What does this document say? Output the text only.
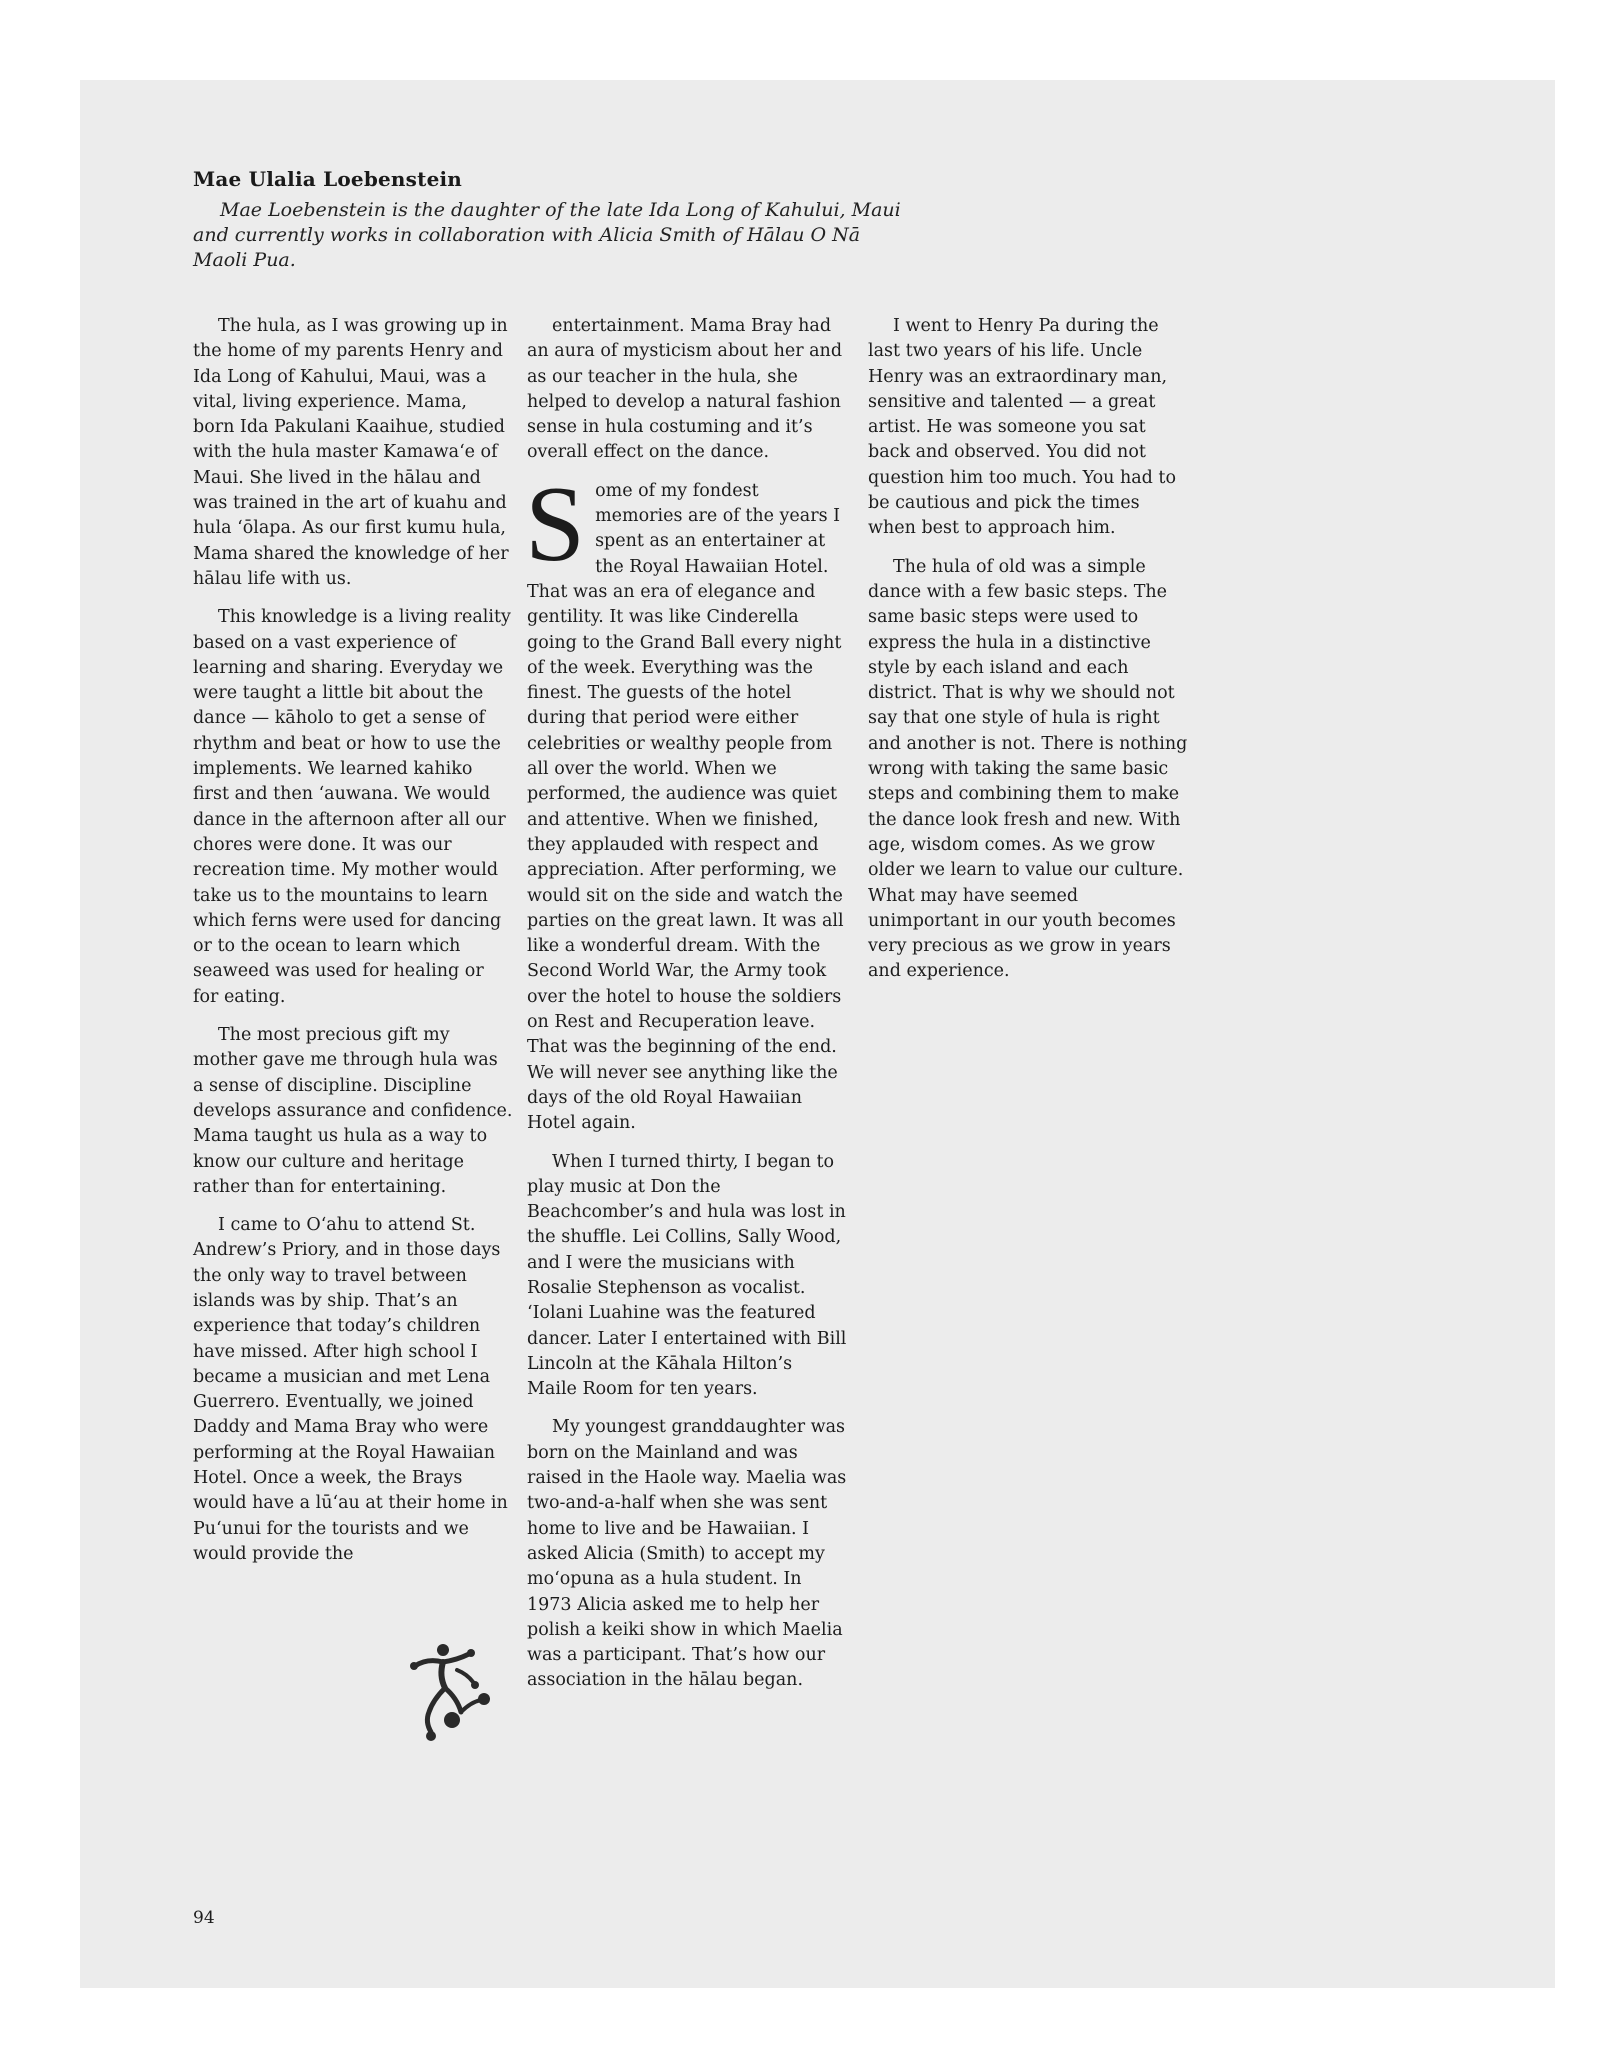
Mae Ulalia Loebenstein

Mae Loebenstein is the daughter of the late Ida Long of Kahului, Maui and currently works in collaboration with Alicia Smith of Hālau O Nā Maoli Pua.

The hula, as I was growing up in the home of my parents Henry and Ida Long of Kahului, Maui, was a vital, living experience. Mama, born Ida Pakulani Kaaihue, studied with the hula master Kamawa‘e of Maui. She lived in the hālau and was trained in the art of kuahu and hula ‘ōlapa. As our first kumu hula, Mama shared the knowledge of her hālau life with us.

This knowledge is a living reality based on a vast experience of learning and sharing. Everyday we were taught a little bit about the dance — kāholo to get a sense of rhythm and beat or how to use the implements. We learned kahiko first and then ‘auwana. We would dance in the afternoon after all our chores were done. It was our recreation time. My mother would take us to the mountains to learn which ferns were used for dancing or to the ocean to learn which seaweed was used for healing or for eating.

The most precious gift my mother gave me through hula was a sense of discipline. Discipline develops assurance and confidence. Mama taught us hula as a way to know our culture and heritage rather than for entertaining.

I came to O‘ahu to attend St. Andrew’s Priory, and in those days the only way to travel between islands was by ship. That’s an experience that today’s children have missed. After high school I became a musician and met Lena Guerrero. Eventually, we joined Daddy and Mama Bray who were performing at the Royal Hawaiian Hotel. Once a week, the Brays would have a lū‘au at their home in Pu‘unui for the tourists and we would provide the

entertainment. Mama Bray had an aura of mysticism about her and as our teacher in the hula, she helped to develop a natural fashion sense in hula costuming and it’s overall effect on the dance.

Some of my fondest memories are of the years I spent as an entertainer at the Royal Hawaiian Hotel. That was an era of elegance and gentility. It was like Cinderella going to the Grand Ball every night of the week. Everything was the finest. The guests of the hotel during that period were either celebrities or wealthy people from all over the world. When we performed, the audience was quiet and attentive. When we finished, they applauded with respect and appreciation. After performing, we would sit on the side and watch the parties on the great lawn. It was all like a wonderful dream. With the Second World War, the Army took over the hotel to house the soldiers on Rest and Recuperation leave. That was the beginning of the end. We will never see anything like the days of the old Royal Hawaiian Hotel again.

When I turned thirty, I began to play music at Don the Beachcomber’s and hula was lost in the shuffle. Lei Collins, Sally Wood, and I were the musicians with Rosalie Stephenson as vocalist. ‘Iolani Luahine was the featured dancer. Later I entertained with Bill Lincoln at the Kāhala Hilton’s Maile Room for ten years.

My youngest granddaughter was born on the Mainland and was raised in the Haole way. Maelia was two-and-a-half when she was sent home to live and be Hawaiian. I asked Alicia (Smith) to accept my mo‘opuna as a hula student. In 1973 Alicia asked me to help her polish a keiki show in which Maelia was a participant. That’s how our association in the hālau began.

I went to Henry Pa during the last two years of his life. Uncle Henry was an extraordinary man, sensitive and talented — a great artist. He was someone you sat back and observed. You did not question him too much. You had to be cautious and pick the times when best to approach him.

The hula of old was a simple dance with a few basic steps. The same basic steps were used to express the hula in a distinctive style by each island and each district. That is why we should not say that one style of hula is right and another is not. There is nothing wrong with taking the same basic steps and combining them to make the dance look fresh and new. With age, wisdom comes. As we grow older we learn to value our culture. What may have seemed unimportant in our youth becomes very precious as we grow in years and experience.

94
